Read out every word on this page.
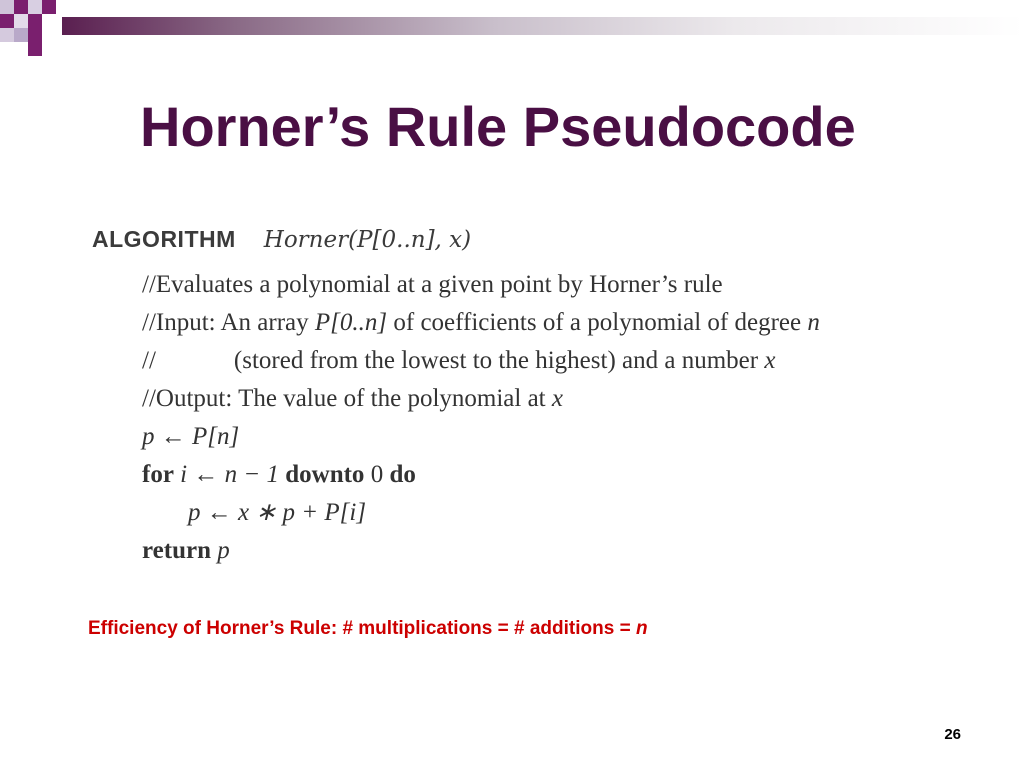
Horner’s Rule Pseudocode
ALGORITHM Horner(P[0..n], x)
//Evaluates a polynomial at a given point by Horner’s rule
//Input: An array P[0..n] of coefficients of a polynomial of degree n
//	(stored from the lowest to the highest) and a number x
//Output: The value of the polynomial at x
p ← P[n]
for i ← n − 1 downto 0 do
p ← x ∗ p + P[i]
return p
Efficiency of Horner’s Rule: # multiplications = # additions = n
26
